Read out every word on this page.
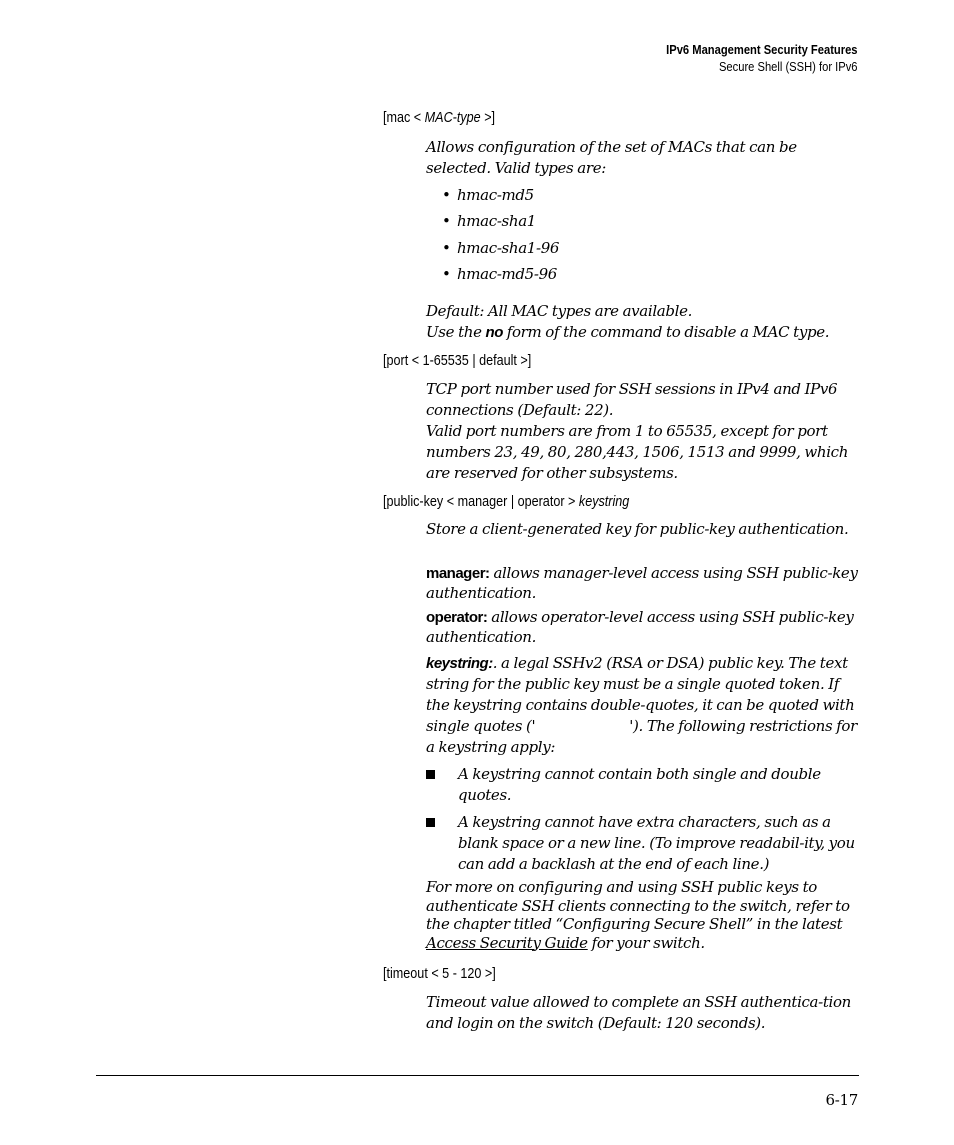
IPv6 Management Security Features
Secure Shell (SSH) for IPv6
[mac < MAC-type >]
Allows configuration of the set of MACs that can be selected. Valid types are:
• hmac-md5
• hmac-sha1
• hmac-sha1-96
• hmac-md5-96
Default: All MAC types are available.
Use the no form of the command to disable a MAC type.
[port < 1-65535 | default >]
TCP port number used for SSH sessions in IPv4 and IPv6 connections (Default: 22).
Valid port numbers are from 1 to 65535, except for port numbers 23, 49, 80, 280,443, 1506, 1513 and 9999, which are reserved for other subsystems.
[public-key < manager | operator > keystring
Store a client-generated key for public-key authentication.
manager: allows manager-level access using SSH public-key authentication.
operator: allows operator-level access using SSH public-key authentication.
keystring:. a legal SSHv2 (RSA or DSA) public key. The text string for the public key must be a single quoted token. If the keystring contains double-quotes, it can be quoted with single quotes ('	'). The following restrictions for a keystring apply:
A keystring cannot contain both single and double quotes.
A keystring cannot have extra characters, such as a blank space or a new line. (To improve readabil-ity, you can add a backlash at the end of each line.)
For more on configuring and using SSH public keys to authenticate SSH clients connecting to the switch, refer to the chapter titled “Configuring Secure Shell” in the latest Access Security Guide for your switch.
[timeout < 5 - 120 >]
Timeout value allowed to complete an SSH authentica-tion and login on the switch (Default: 120 seconds).
6-17
